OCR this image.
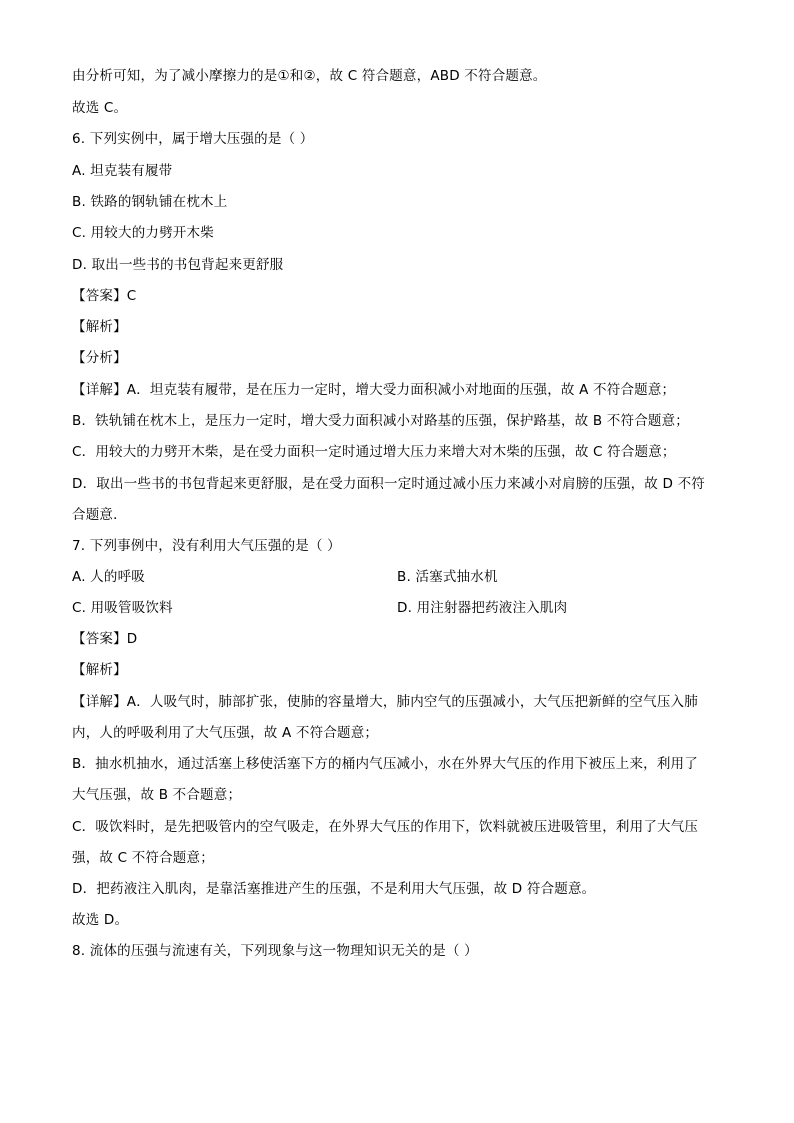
由分析可知，为了减小摩擦力的是①和②，故 C 符合题意，ABD 不符合题意。
故选 C。
6. 下列实例中，属于增大压强的是（ ）
A. 坦克装有履带
B. 铁路的钢轨铺在枕木上
C. 用较大的力劈开木柴
D. 取出一些书的书包背起来更舒服
【答案】C
【解析】
【分析】
【详解】A．坦克装有履带，是在压力一定时，增大受力面积减小对地面的压强，故 A 不符合题意；
B．铁轨铺在枕木上，是压力一定时，增大受力面积减小对路基的压强，保护路基，故 B 不符合题意；
C．用较大的力劈开木柴，是在受力面积一定时通过增大压力来增大对木柴的压强，故 C 符合题意；
D．取出一些书的书包背起来更舒服，是在受力面积一定时通过减小压力来减小对肩膀的压强，故 D 不符
合题意．
7. 下列事例中，没有利用大气压强的是（ ）
A. 人的呼吸	B. 活塞式抽水机
C. 用吸管吸饮料	D. 用注射器把药液注入肌肉
【答案】D
【解析】
【详解】A．人吸气时，肺部扩张，使肺的容量增大，肺内空气的压强减小，大气压把新鲜的空气压入肺
内，人的呼吸利用了大气压强，故 A 不符合题意；
B．抽水机抽水，通过活塞上移使活塞下方的桶内气压减小，水在外界大气压的作用下被压上来，利用了
大气压强，故 B 不合题意；
C．吸饮料时，是先把吸管内的空气吸走，在外界大气压的作用下，饮料就被压进吸管里，利用了大气压
强，故 C 不符合题意；
D．把药液注入肌肉，是靠活塞推进产生的压强，不是利用大气压强，故 D 符合题意。
故选 D。
8. 流体的压强与流速有关，下列现象与这一物理知识无关的是（ ）
